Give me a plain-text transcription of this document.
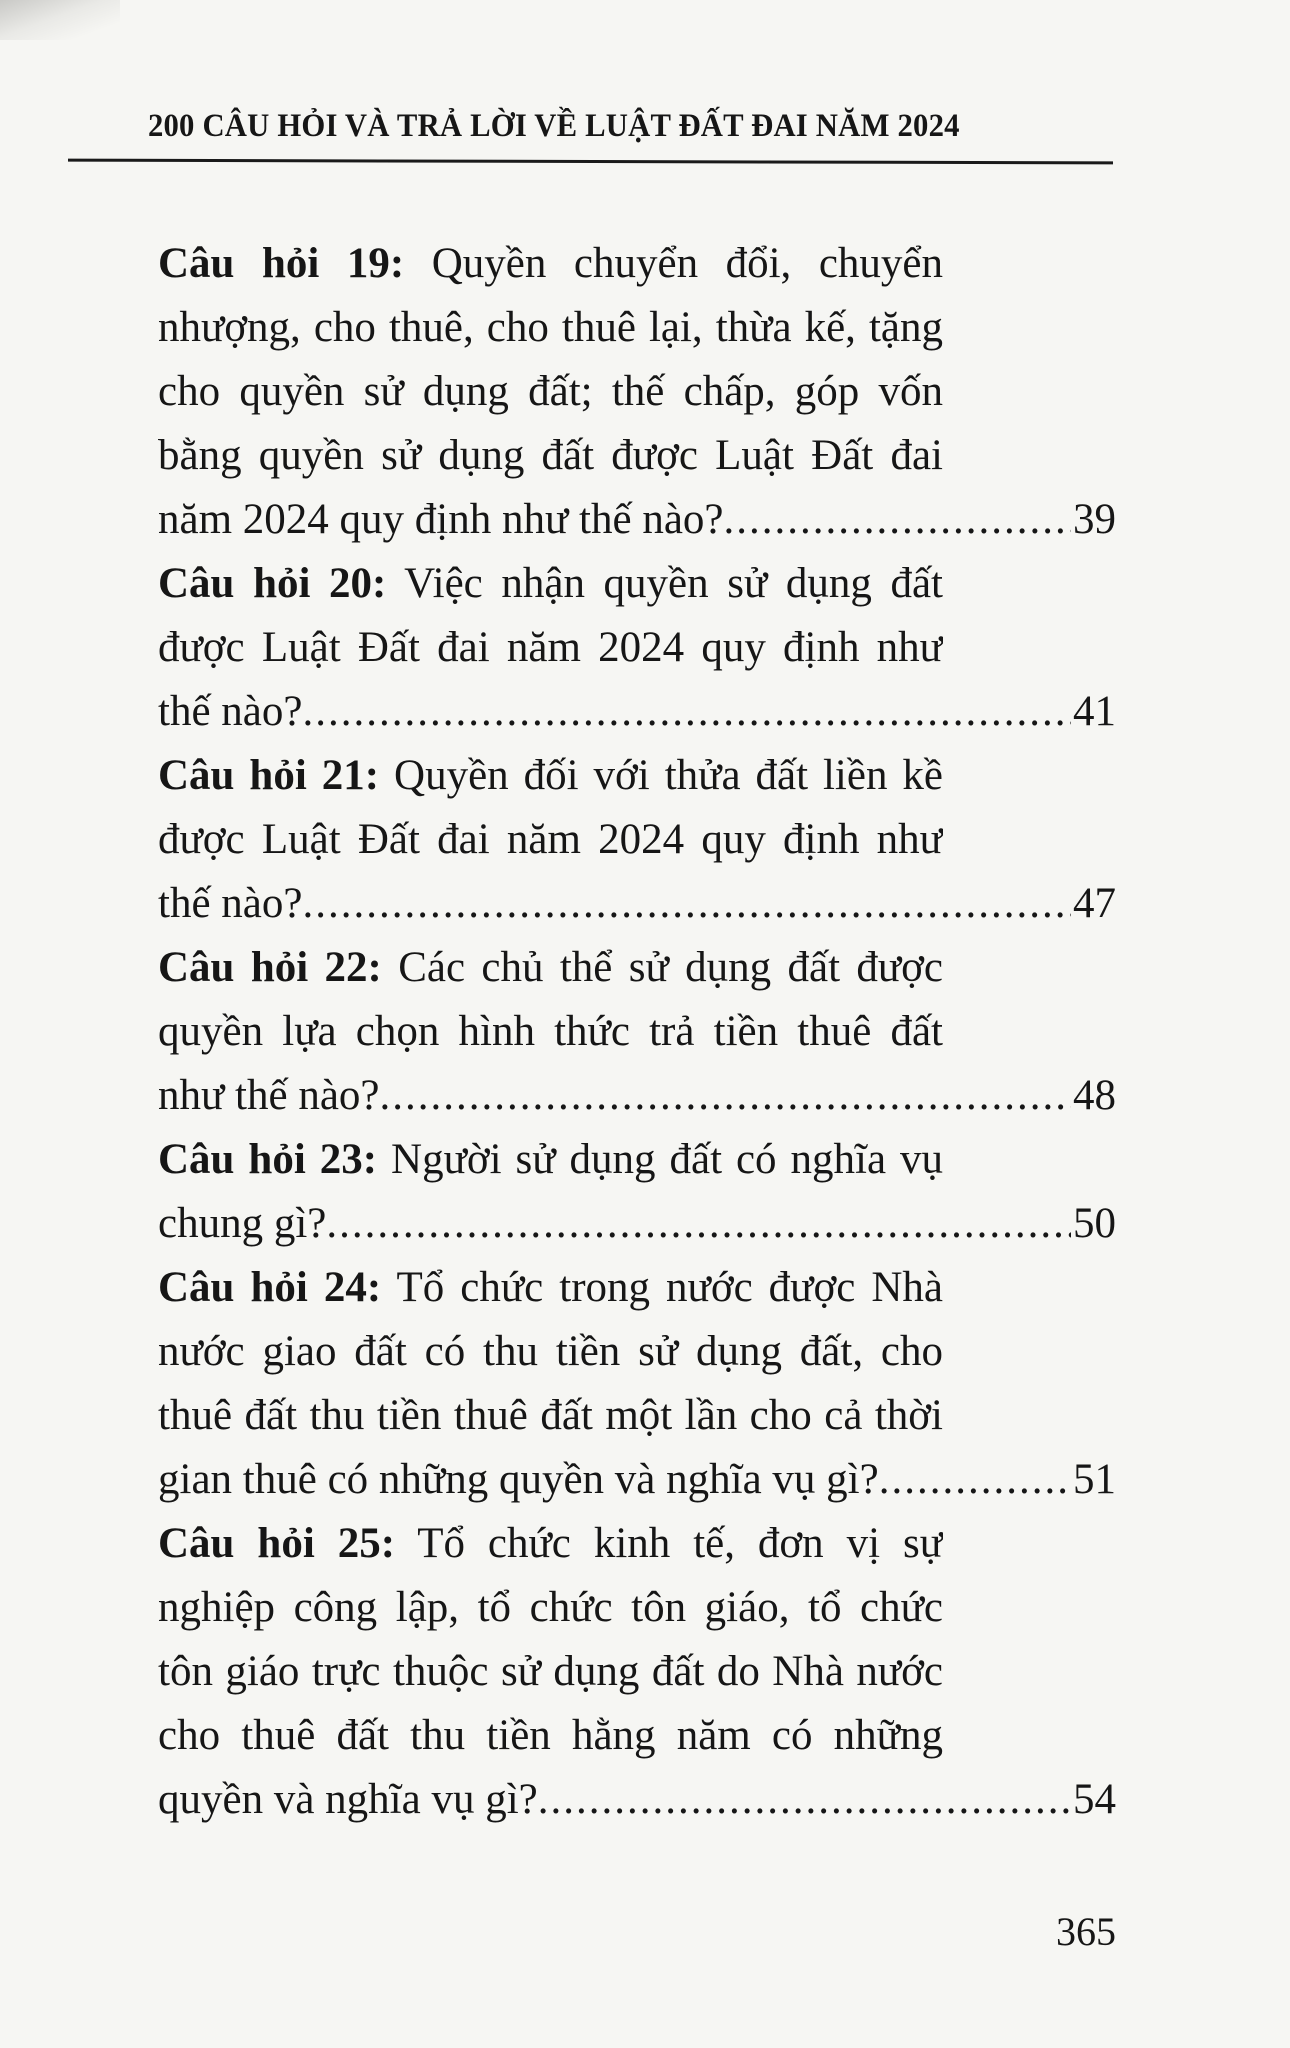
200 CÂU HỎI VÀ TRẢ LỜI VỀ LUẬT ĐẤT ĐAI NĂM 2024
Câu hỏi 19: Quyền chuyển đổi, chuyển
nhượng, cho thuê, cho thuê lại, thừa kế, tặng
cho quyền sử dụng đất; thế chấp, góp vốn
bằng quyền sử dụng đất được Luật Đất đai
năm 2024 quy định như thế nào? .....	39
Câu hỏi 20: Việc nhận quyền sử dụng đất
được Luật Đất đai năm 2024 quy định như
thế nào? .....	41
Câu hỏi 21: Quyền đối với thửa đất liền kề
được Luật Đất đai năm 2024 quy định như
thế nào? .....	47
Câu hỏi 22: Các chủ thể sử dụng đất được
quyền lựa chọn hình thức trả tiền thuê đất
như thế nào? .....	48
Câu hỏi 23: Người sử dụng đất có nghĩa vụ
chung gì? .....	50
Câu hỏi 24: Tổ chức trong nước được Nhà
nước giao đất có thu tiền sử dụng đất, cho
thuê đất thu tiền thuê đất một lần cho cả thời
gian thuê có những quyền và nghĩa vụ gì? .....	51
Câu hỏi 25: Tổ chức kinh tế, đơn vị sự
nghiệp công lập, tổ chức tôn giáo, tổ chức
tôn giáo trực thuộc sử dụng đất do Nhà nước
cho thuê đất thu tiền hằng năm có những
quyền và nghĩa vụ gì? .....	54
365
